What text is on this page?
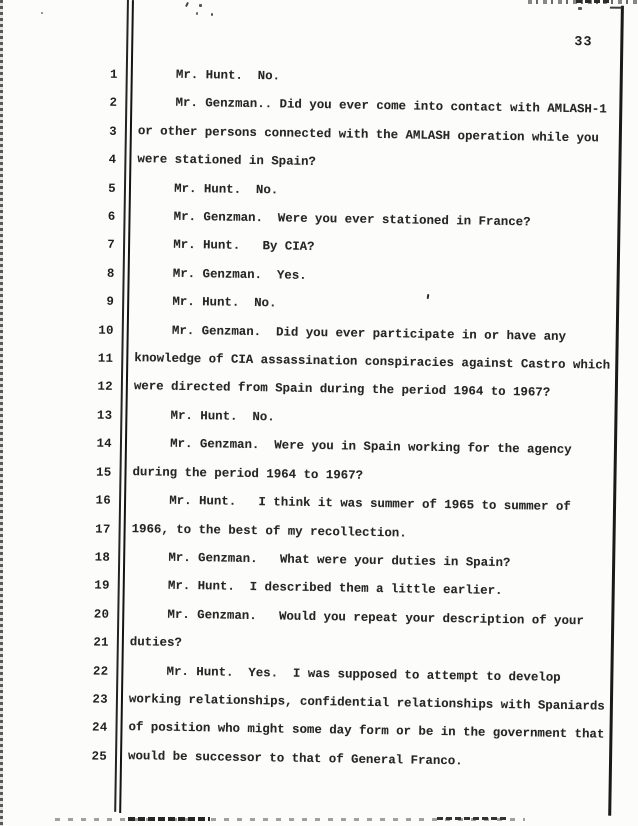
33
1 Mr. Hunt.  No.
2 Mr. Genzman.. Did you ever come into contact with AMLASH-1
3 or other persons connected with the AMLASH operation while you
4 were stationed in Spain?
5 Mr. Hunt.  No.
6 Mr. Genzman.  Were you ever stationed in France?
7 Mr. Hunt.   By CIA?
8 Mr. Genzman.  Yes.
9 Mr. Hunt.  No.
10 Mr. Genzman.  Did you ever participate in or have any
11 knowledge of CIA assassination conspiracies against Castro which
12 were directed from Spain during the period 1964 to 1967?
13 Mr. Hunt.  No.
14 Mr. Genzman.  Were you in Spain working for the agency
15 during the period 1964 to 1967?
16 Mr. Hunt.   I think it was summer of 1965 to summer of
17 1966, to the best of my recollection.
18 Mr. Genzman.   What were your duties in Spain?
19 Mr. Hunt.  I described them a little earlier.
20 Mr. Genzman.   Would you repeat your description of your
21 duties?
22 Mr. Hunt.  Yes.  I was supposed to attempt to develop
23 working relationships, confidential relationships with Spaniards
24 of position who might some day form or be in the government that
25 would be successor to that of General Franco.
